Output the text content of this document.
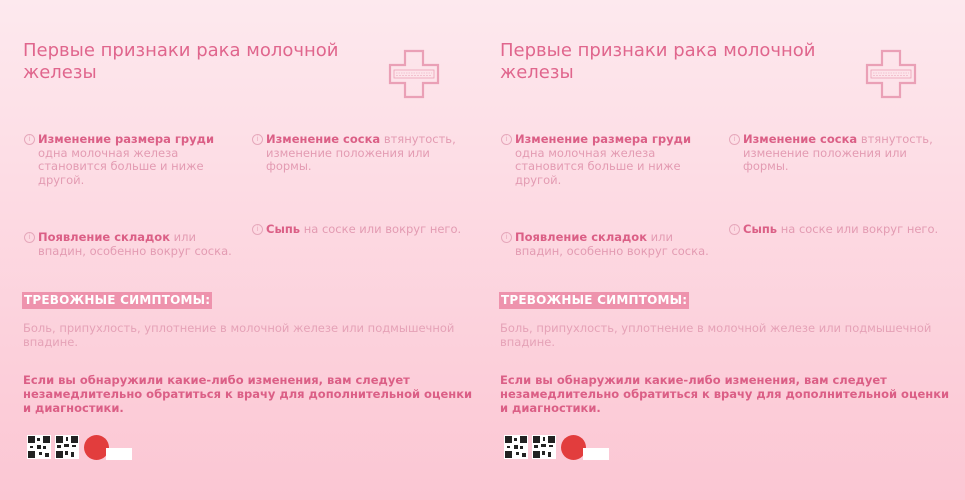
Первые признаки рака молочной железы
i Изменение размера груди одна молочная железа становится больше и ниже другой.
i Изменение соска втянутость, изменение положения или формы.
i Появление складок или впадин, особенно вокруг соска.
i Сыпь на соске или вокруг него.
ТРЕВОЖНЫЕ СИМПТОМЫ:
Боль, припухлость, уплотнение в молочной железе или подмышечной впадине.
Если вы обнаружили какие-либо изменения, вам следует незамедлительно обратиться к врачу для дополнительной оценки и диагностики.
Первые признаки рака молочной железы
i Изменение размера груди одна молочная железа становится больше и ниже другой.
i Изменение соска втянутость, изменение положения или формы.
i Появление складок или впадин, особенно вокруг соска.
i Сыпь на соске или вокруг него.
ТРЕВОЖНЫЕ СИМПТОМЫ:
Боль, припухлость, уплотнение в молочной железе или подмышечной впадине.
Если вы обнаружили какие-либо изменения, вам следует незамедлительно обратиться к врачу для дополнительной оценки и диагностики.
